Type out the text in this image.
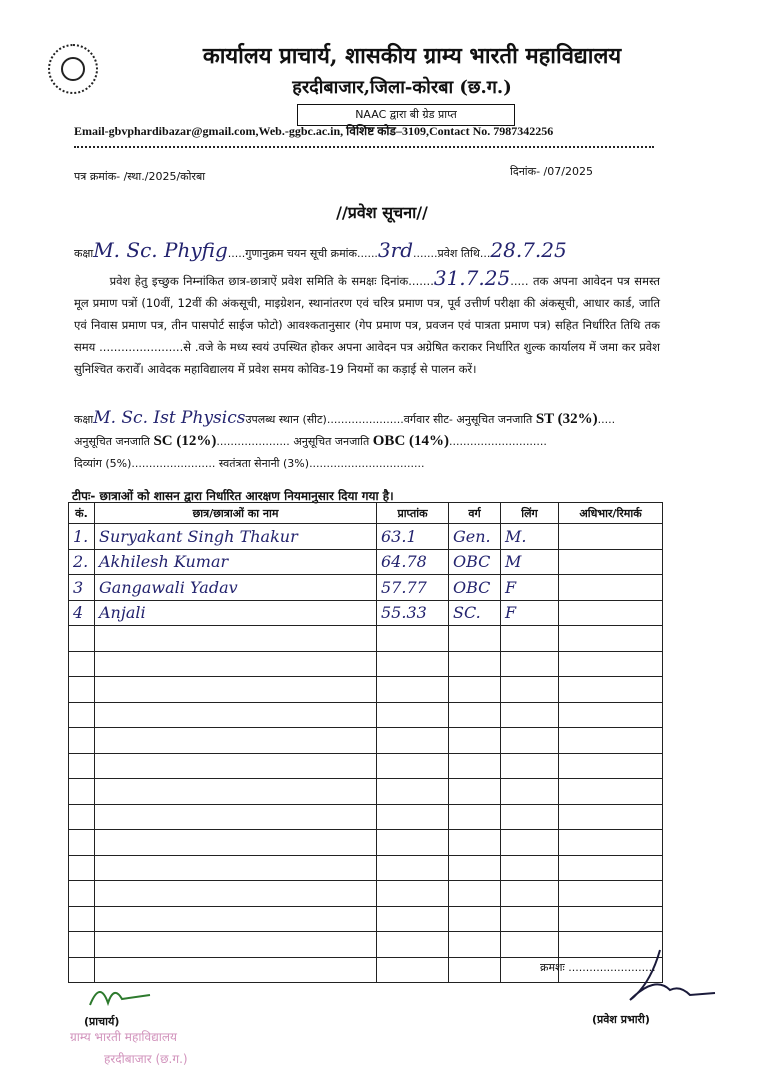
कार्यालय प्राचार्य, शासकीय ग्राम्य भारती महाविद्यालय
हरदीबाजार,जिला-कोरबा (छ.ग.)
NAAC द्वारा बी ग्रेड प्राप्त
Email-gbvphardibazar@gmail.com,Web.-ggbc.ac.in, विशिष्ट कोड–3109,Contact No. 7987342256
पत्र क्रमांक- /स्था./2025/कोरबा	दिनांक- /07/2025
//प्रवेश सूचना//
कक्षाM. Sc. Phyfig.....गुणानुक्रम चयन सूची क्रमांक......3rd.......प्रवेश तिथि...28.7.25
प्रवेश हेतु इच्छुक निम्नांकित छात्र-छात्राऐं प्रवेश समिति के समक्षः दिनांक.......31.7.25..... तक अपना आवेदन पत्र समस्त मूल प्रमाण पत्रों (10वीं, 12वीं की अंकसूची, माइग्रेशन, स्थानांतरण एवं चरित्र प्रमाण पत्र, पूर्व उत्तीर्ण परीक्षा की अंकसूची, आधार कार्ड, जाति एवं निवास प्रमाण पत्र, तीन पासपोर्ट साईज फोटो) आवश्कतानुसार (गेप प्रमाण पत्र, प्रवजन एवं पात्रता प्रमाण पत्र) सहित निर्धारित तिथि तक समय .......................से .वजे के मध्य स्वयं उपस्थित होकर अपना आवेदन पत्र अग्रेषित कराकर निर्धारित शुल्क कार्यालय में जमा कर प्रवेश सुनिश्चित करावेँ। आवेदक महाविद्यालय में प्रवेश समय कोविड-19 नियमों का कड़ाई से पालन करें।
कक्षाM. Sc. Ist Physicsउपलब्ध स्थान (सीट)......................वर्गवार सीट- अनुसूचित जनजाति ST (32%).....
अनुसूचित जनजाति SC (12%)..................... अनुसूचित जनजाति OBC (14%)............................
दिव्यांग (5%)........................ स्वतंत्रता सेनानी (3%).................................
टीपः- छात्राओं को शासन द्वारा निर्धारित आरक्षण नियमानुसार दिया गया है।
कं.	छात्र/छात्राओं का नाम	प्राप्तांक	वर्ग	लिंग	अधिभार/रिमार्क
1.	Suryakant Singh Thakur	63.1	Gen.	M.	
2.	Akhilesh Kumar	64.78	OBC	M	
3	Gangawali Yadav	57.77	OBC	F	
4	Anjali	55.33	SC.	F	

क्रमशः .........................
(प्राचार्य)
ग्राम्य भारती महाविद्यालय
हरदीबाजार (छ.ग.)
(प्रवेश प्रभारी)
